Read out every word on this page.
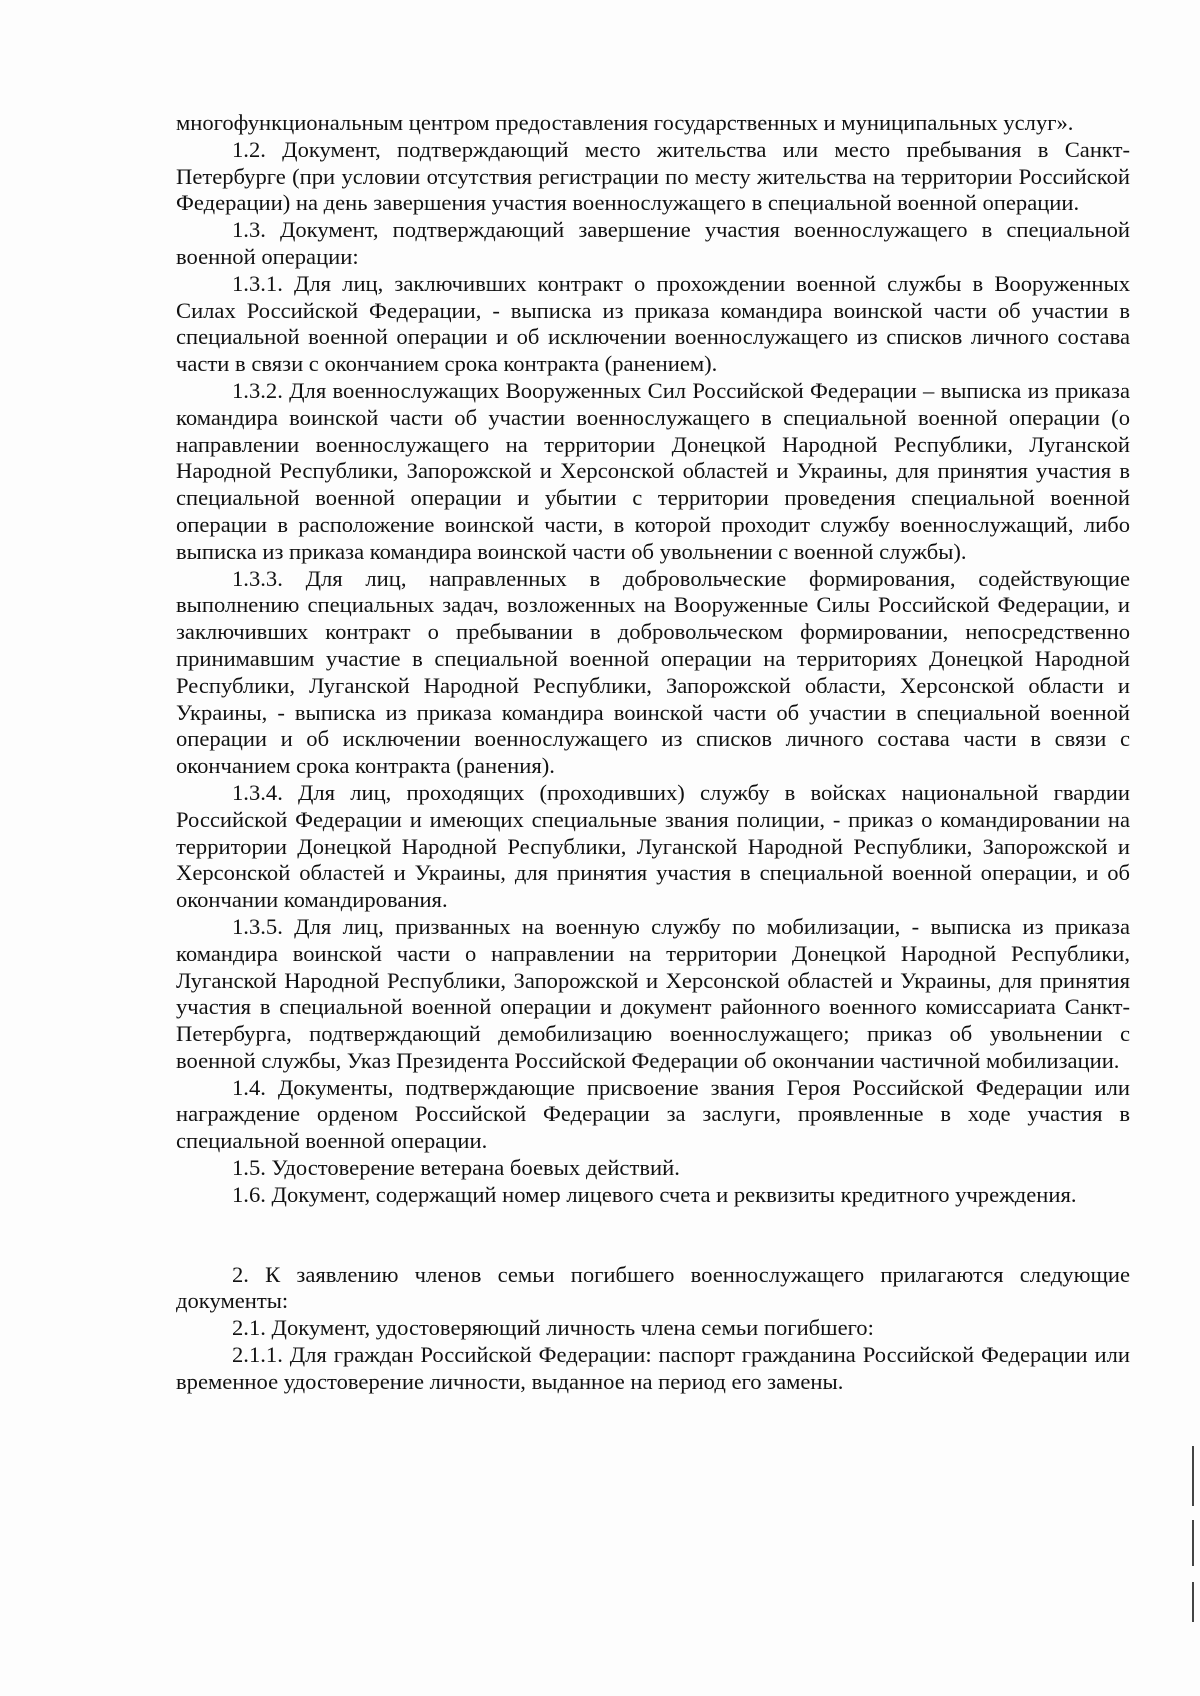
многофункциональным центром предоставления государственных и муниципальных услуг».

1.2. Документ, подтверждающий место жительства или место пребывания в Санкт-Петербурге (при условии отсутствия регистрации по месту жительства на территории Российской Федерации) на день завершения участия военнослужащего в специальной военной операции.

1.3. Документ, подтверждающий завершение участия военнослужащего в специальной военной операции:

1.3.1. Для лиц, заключивших контракт о прохождении военной службы в Вооруженных Силах Российской Федерации, - выписка из приказа командира воинской части об участии в специальной военной операции и об исключении военнослужащего из списков личного состава части в связи с окончанием срока контракта (ранением).

1.3.2. Для военнослужащих Вооруженных Сил Российской Федерации – выписка из приказа командира воинской части об участии военнослужащего в специальной военной операции (о направлении военнослужащего на территории Донецкой Народной Республики, Луганской Народной Республики, Запорожской и Херсонской областей и Украины, для принятия участия в специальной военной операции и убытии с территории проведения специальной военной операции в расположение воинской части, в которой проходит службу военнослужащий, либо выписка из приказа командира воинской части об увольнении с военной службы).

1.3.3. Для лиц, направленных в добровольческие формирования, содействующие выполнению специальных задач, возложенных на Вооруженные Силы Российской Федерации, и заключивших контракт о пребывании в добровольческом формировании, непосредственно принимавшим участие в специальной военной операции на территориях Донецкой Народной Республики, Луганской Народной Республики, Запорожской области, Херсонской области и Украины, - выписка из приказа командира воинской части об участии в специальной военной операции и об исключении военнослужащего из списков личного состава части в связи с окончанием срока контракта (ранения).

1.3.4. Для лиц, проходящих (проходивших) службу в войсках национальной гвардии Российской Федерации и имеющих специальные звания полиции, - приказ о командировании на территории Донецкой Народной Республики, Луганской Народной Республики, Запорожской и Херсонской областей и Украины, для принятия участия в специальной военной операции, и об окончании командирования.

1.3.5. Для лиц, призванных на военную службу по мобилизации, - выписка из приказа командира воинской части о направлении на территории Донецкой Народной Республики, Луганской Народной Республики, Запорожской и Херсонской областей и Украины, для принятия участия в специальной военной операции и документ районного военного комиссариата Санкт-Петербурга, подтверждающий демобилизацию военнослужащего; приказ об увольнении с военной службы, Указ Президента Российской Федерации об окончании частичной мобилизации.

1.4. Документы, подтверждающие присвоение звания Героя Российской Федерации или награждение орденом Российской Федерации за заслуги, проявленные в ходе участия в специальной военной операции.

1.5. Удостоверение ветерана боевых действий.

1.6. Документ, содержащий номер лицевого счета и реквизиты кредитного учреждения.

2. К заявлению членов семьи погибшего военнослужащего прилагаются следующие документы:

2.1. Документ, удостоверяющий личность члена семьи погибшего:

2.1.1. Для граждан Российской Федерации: паспорт гражданина Российской Федерации или временное удостоверение личности, выданное на период его замены.
